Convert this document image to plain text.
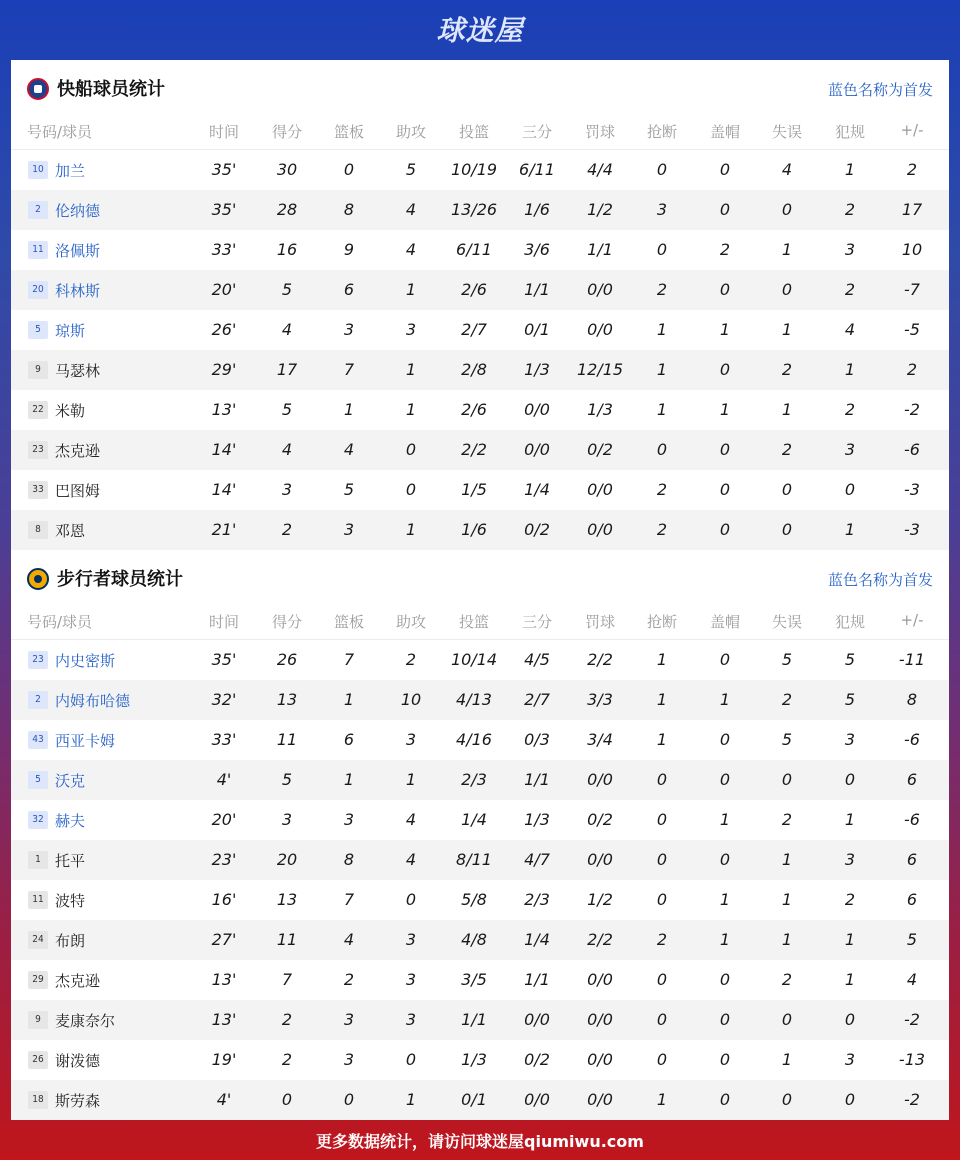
球迷屋
快船球员统计	蓝色名称为首发
号码/球员	时间 得分 篮板 助攻 投篮 三分 罚球 抢断 盖帽 失误 犯规 +/-
10 加兰	35'	30	0	5 10/19 6/11 4/4	0	0	4	1	2
2 伦纳德	35'	28	8	4 13/26 1/6 1/2	3	0	0	2	17
11 洛佩斯	33'	16	9	4 6/11 3/6 1/1	0	2	1	3	10
20 科林斯	20'	5	6	1	2/6 1/1 0/0	2	0	0	2	-7
5 琼斯	26'	4	3	3	2/7 0/1 0/0	1	1	1	4	-5
9 马瑟林	29'	17	7	1	2/8 1/3 12/15 1	0	2	1	2
22 米勒	13'	5	1	1	2/6 0/0 1/3	1	1	1	2	-2
23 杰克逊	14'	4	4	0	2/2 0/0 0/2	0	0	2	3	-6
33 巴图姆	14'	3	5	0	1/5 1/4 0/0	2	0	0	0	-3
8 邓恩	21'	2	3	1	1/6 0/2 0/0	2	0	0	1	-3
步行者球员统计	蓝色名称为首发
号码/球员	时间 得分 篮板 助攻 投篮 三分 罚球 抢断 盖帽 失误 犯规 +/-
23 内史密斯	35'	26	7	2 10/14 4/5 2/2	1	0	5	5	-11
2 内姆布哈德	32'	13	1	10 4/13 2/7 3/3	1	1	2	5	8
43 西亚卡姆	33'	11	6	3 4/16 0/3 3/4	1	0	5	3	-6
5 沃克	4'	5	1	1	2/3 1/1 0/0	0	0	0	0	6
32 赫夫	20'	3	3	4	1/4 1/3 0/2	0	1	2	1	-6
1 托平	23'	20	8	4 8/11 4/7 0/0	0	0	1	3	6
11 波特	16'	13	7	0	5/8 2/3 1/2	0	1	1	2	6
24 布朗	27'	11	4	3	4/8 1/4 2/2	2	1	1	1	5
29 杰克逊	13'	7	2	3	3/5 1/1 0/0	0	0	2	1	4
9 麦康奈尔	13'	2	3	3	1/1 0/0 0/0	0	0	0	0	-2
26 谢泼德	19'	2	3	0	1/3 0/2 0/0	0	0	1	3	-13
18 斯劳森	4'	0	0	1	0/1 0/0 0/0	1	0	0	0	-2
更多数据统计，请访问球迷屋qiumiwu.com
